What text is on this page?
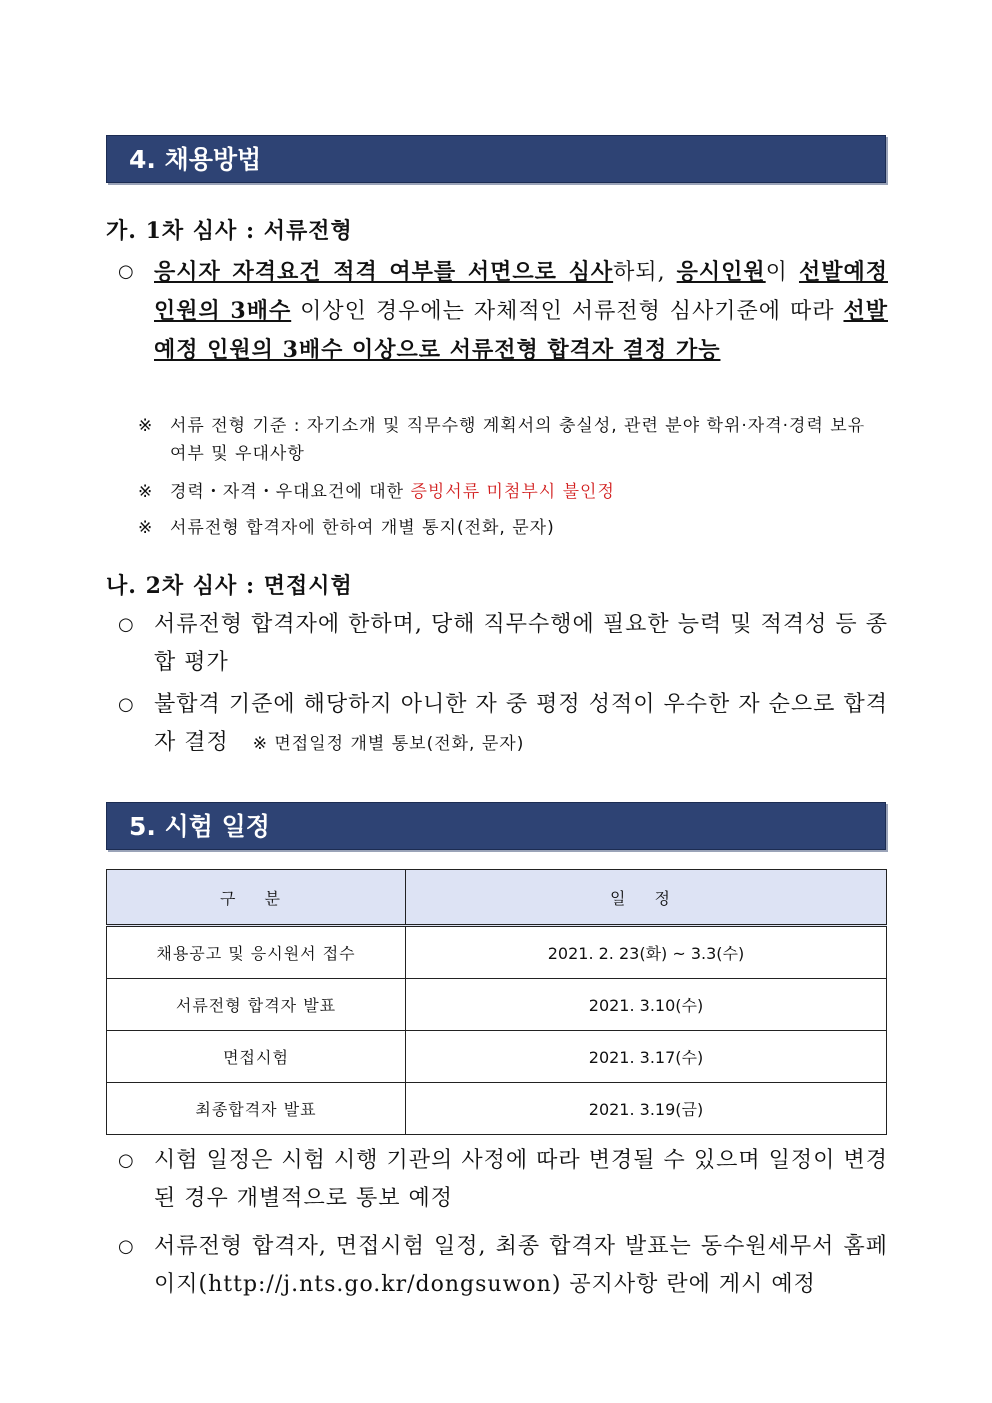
4. 채용방법
가. 1차 심사 : 서류전형
○ 응시자 자격요건 적격 여부를 서면으로 심사하되, 응시인원이 선발예정 인원의 3배수 이상인 경우에는 자체적인 서류전형 심사기준에 따라 선발 예정 인원의 3배수 이상으로 서류전형 합격자 결정 가능
※	서류 전형 기준 : 자기소개 및 직무수행 계획서의 충실성, 관련 분야 학위·자격·경력 보유 여부 및 우대사항
※	경력・자격・우대요건에 대한 증빙서류 미첨부시 불인정
※	서류전형 합격자에 한하여 개별 통지(전화, 문자)
나. 2차 심사 : 면접시험
○ 서류전형 합격자에 한하며, 당해 직무수행에 필요한 능력 및 적격성 등 종합 평가
○ 불합격 기준에 해당하지 아니한 자 중 평정 성적이 우수한 자 순으로 합격자 결정 ※ 면접일정 개별 통보(전화, 문자)
5. 시험 일정
구 분	일 정
채용공고 및 응시원서 접수	2021. 2. 23(화) ~ 3.3(수)
서류전형 합격자 발표	2021. 3.10(수)
면접시험	2021. 3.17(수)
최종합격자 발표	2021. 3.19(금)
○ 시험 일정은 시험 시행 기관의 사정에 따라 변경될 수 있으며 일정이 변경된 경우 개별적으로 통보 예정
○ 서류전형 합격자, 면접시험 일정, 최종 합격자 발표는 동수원세무서 홈페이지(http://j.nts.go.kr/dongsuwon) 공지사항 란에 게시 예정
